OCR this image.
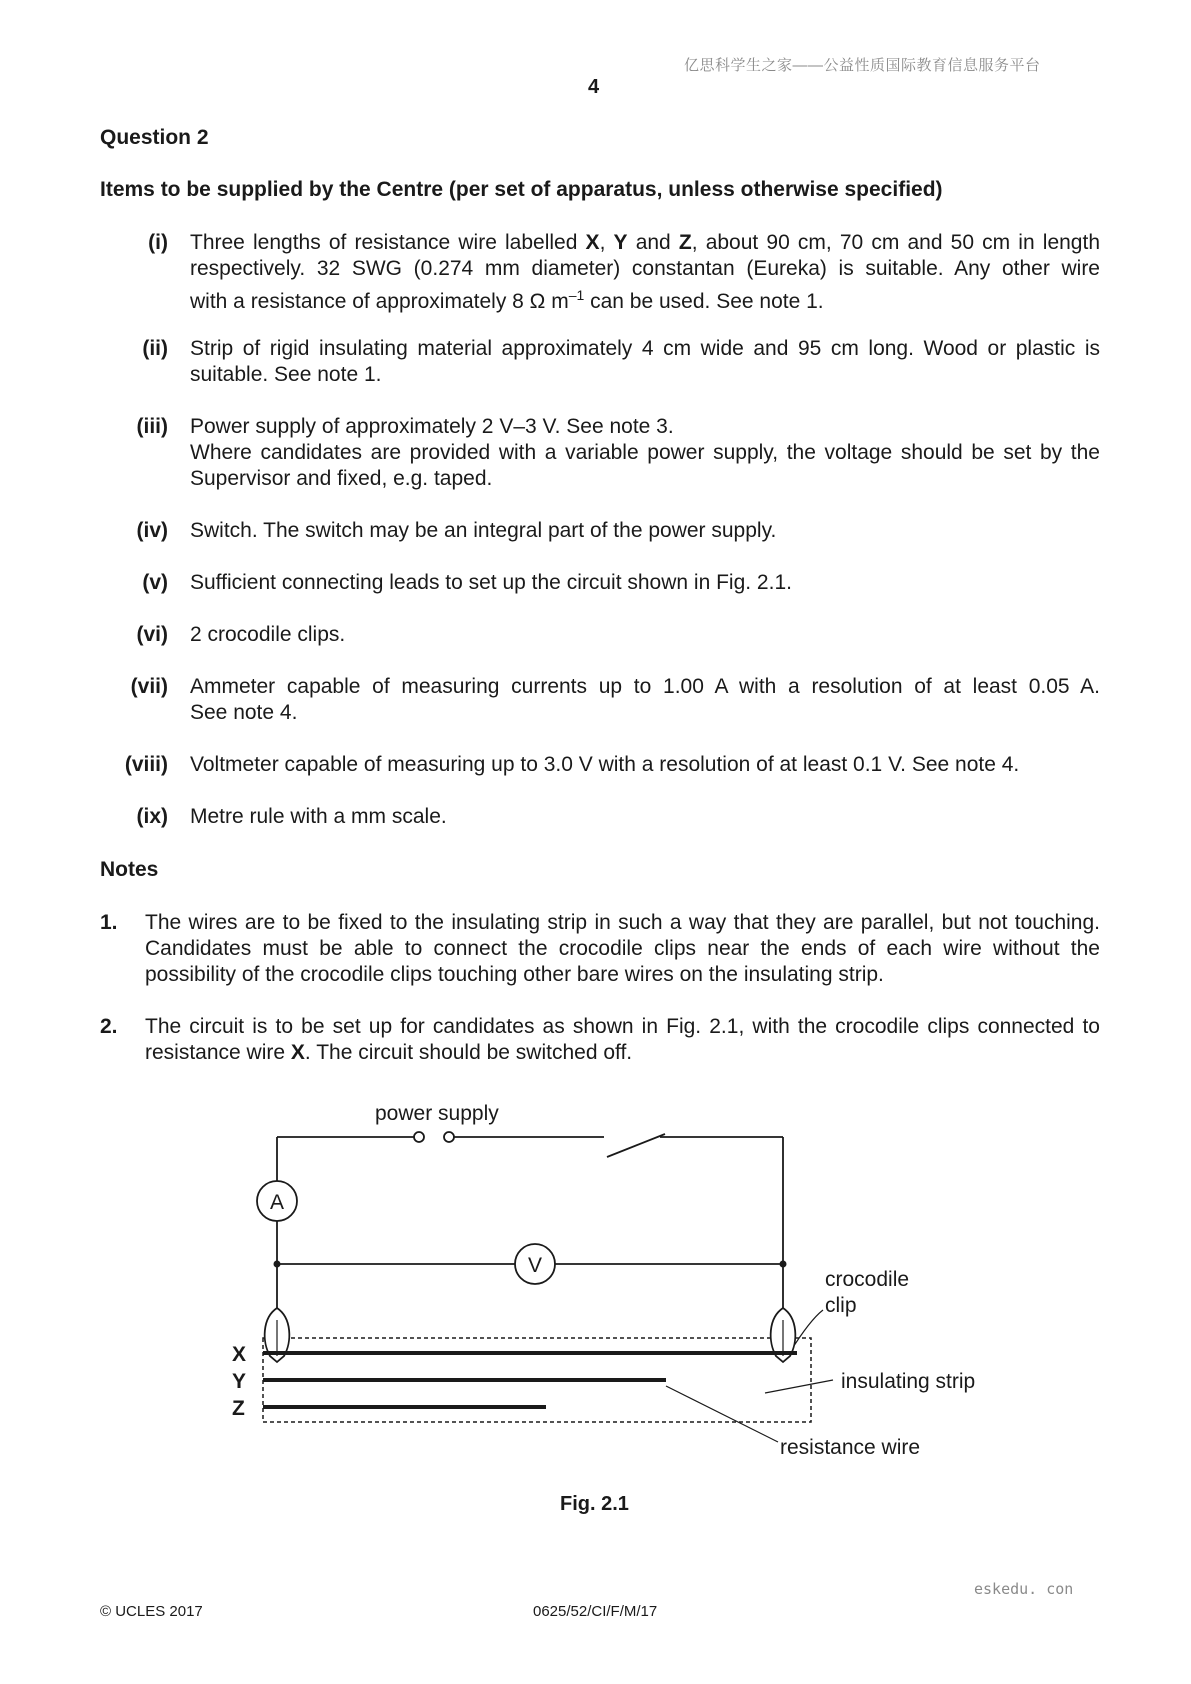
亿思科学生之家——公益性质国际教育信息服务平台
4
Question 2
Items to be supplied by the Centre (per set of apparatus, unless otherwise specified)
(i) Three lengths of resistance wire labelled X, Y and Z, about 90 cm, 70 cm and 50 cm in length
respectively. 32 SWG (0.274 mm diameter) constantan (Eureka) is suitable. Any other wire
with a resistance of approximately 8 Ω $m^{-1}$ can be used. See note 1.
(ii) Strip of rigid insulating material approximately 4 cm wide and 95 cm long. Wood or plastic is
suitable. See note 1.
(iii) Power supply of approximately 2 V–3 V. See note 3.
Where candidates are provided with a variable power supply, the voltage should be set by the
Supervisor and fixed, e.g. taped.
(iv) Switch. The switch may be an integral part of the power supply.
(v) Sufficient connecting leads to set up the circuit shown in Fig. 2.1.
(vi) 2 crocodile clips.
(vii) Ammeter capable of measuring currents up to 1.00 A with a resolution of at least 0.05 A.
See note 4.
(viii) Voltmeter capable of measuring up to 3.0 V with a resolution of at least 0.1 V. See note 4.
(ix) Metre rule with a mm scale.
Notes
1. The wires are to be fixed to the insulating strip in such a way that they are parallel, but not touching.
Candidates must be able to connect the crocodile clips near the ends of each wire without the
possibility of the crocodile clips touching other bare wires on the insulating strip.
2. The circuit is to be set up for candidates as shown in Fig. 2.1, with the crocodile clips connected to
resistance wire X. The circuit should be switched off.
power supply
A
V
crocodile
clip
insulating strip
resistance wire
X
Y
Z
Fig. 2.1
eskedu. con
© UCLES 2017	0625/52/CI/F/M/17
